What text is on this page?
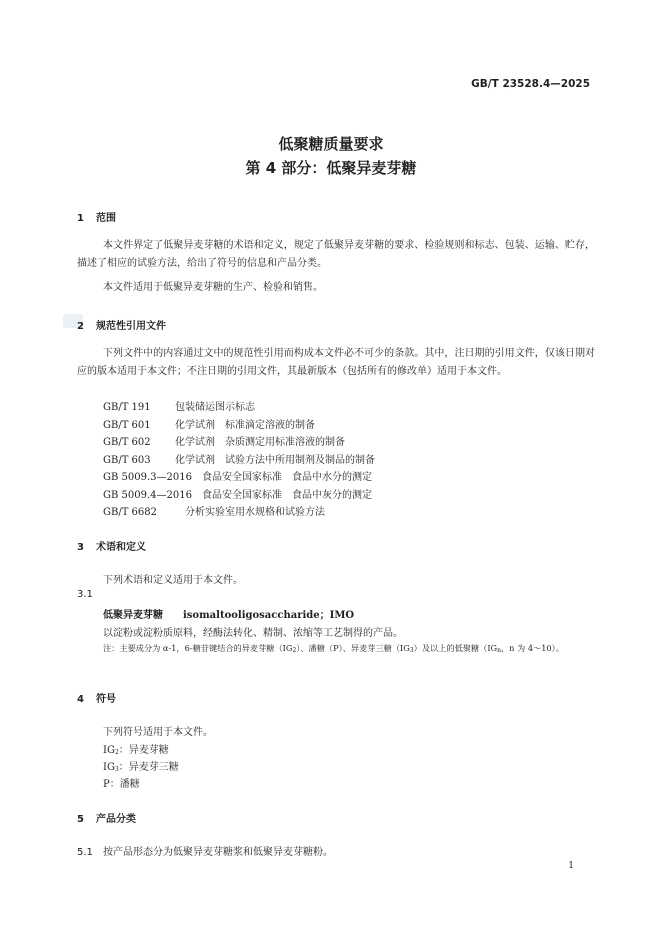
GB/T 23528.4—2025
低聚糖质量要求
第 4 部分：低聚异麦芽糖
1 范围
本文件界定了低聚异麦芽糖的术语和定义，规定了低聚异麦芽糖的要求、检验规则和标志、包装、运输、贮存，描述了相应的试验方法，给出了符号的信息和产品分类。
本文件适用于低聚异麦芽糖的生产、检验和销售。
2 规范性引用文件
下列文件中的内容通过文中的规范性引用而构成本文件必不可少的条款。其中，注日期的引用文件，仅该日期对应的版本适用于本文件；不注日期的引用文件，其最新版本（包括所有的修改单）适用于本文件。
GB/T 191 包装储运图示标志
GB/T 601 化学试剂　标准滴定溶液的制备
GB/T 602 化学试剂　杂质测定用标准溶液的制备
GB/T 603 化学试剂　试验方法中所用制剂及制品的制备
GB 5009.3—2016 食品安全国家标准　食品中水分的测定
GB 5009.4—2016 食品安全国家标准　食品中灰分的测定
GB/T 6682	分析实验室用水规格和试验方法
3 术语和定义
下列术语和定义适用于本文件。
3.1
低聚异麦芽糖 isomaltooligosaccharide；IMO
以淀粉或淀粉质原料，经酶法转化、精制、浓缩等工艺制得的产品。
注：主要成分为 α-1，6-糖苷键结合的异麦芽糖（IG2）、潘糖（P）、异麦芽三糖（IG3）及以上的低聚糖（IGn，n 为 4～10）。
4 符号
下列符号适用于本文件。
IG2：异麦芽糖
IG3：异麦芽三糖
P：潘糖
5 产品分类
5.1 按产品形态分为低聚异麦芽糖浆和低聚异麦芽糖粉。
1
